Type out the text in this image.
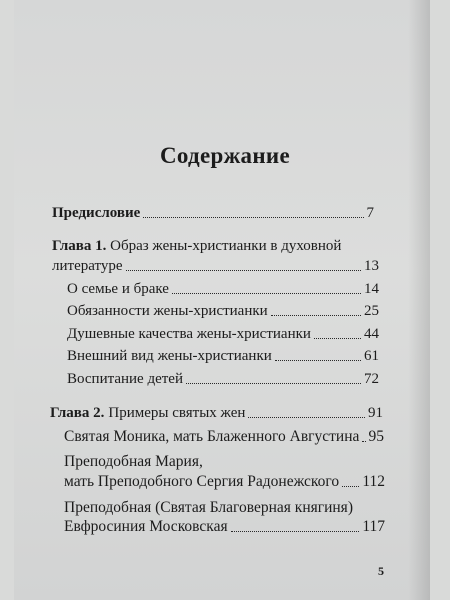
Содержание
Предисловие	7
Глава 1. Образ жены-христианки в духовной
литературе	13
О семье и браке	14
Обязанности жены-христианки	25
Душевные качества жены-христианки	44
Внешний вид жены-христианки	61
Воспитание детей	72
Глава 2. Примеры святых жен	91
Святая Моника, мать Блаженного Августина 95
Преподобная Мария,
мать Преподобного Сергия Радонежского 112
Преподобная (Святая Благоверная княгиня)
Евфросиния Московская	117
5
